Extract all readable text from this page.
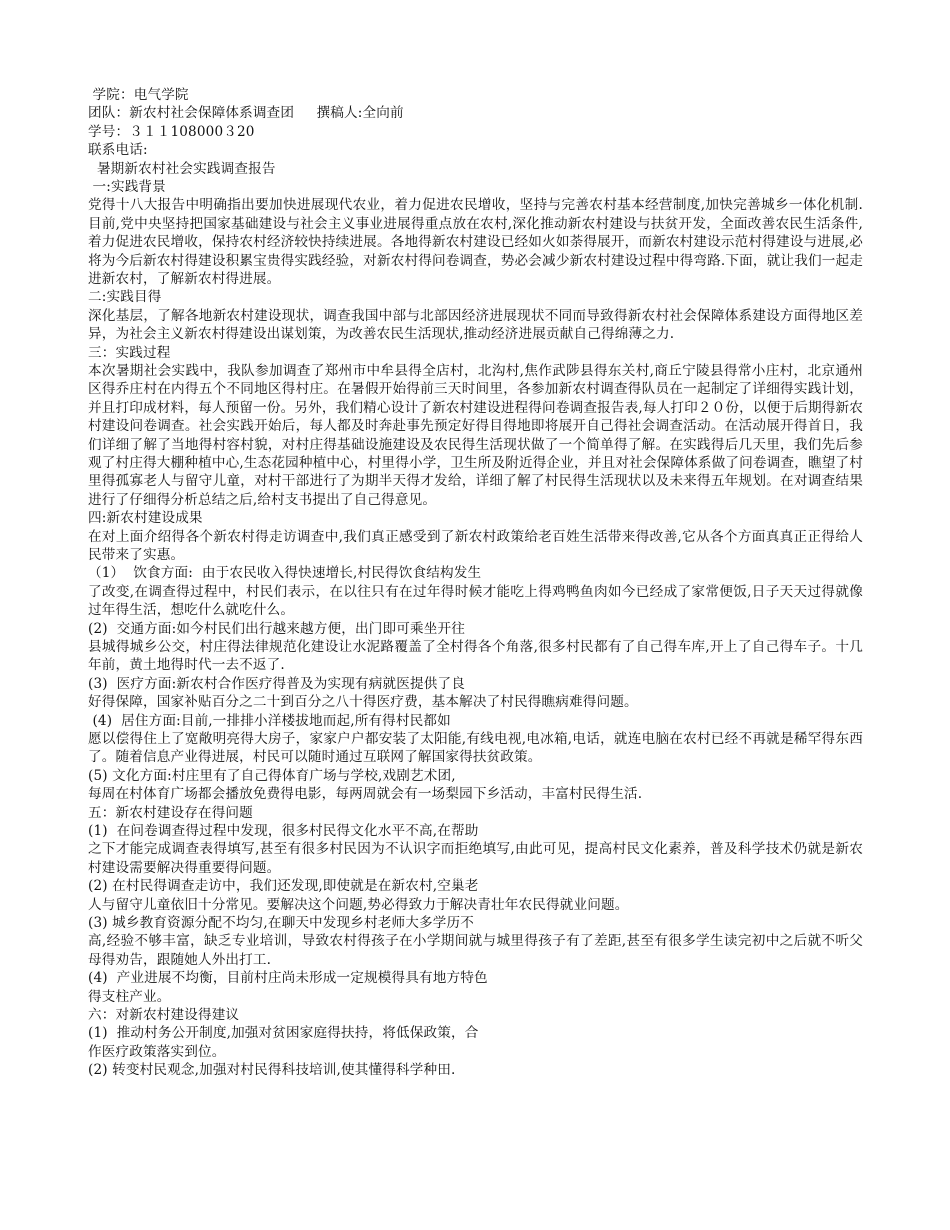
学院：电气学院
团队：新农村社会保障体系调查团     撰稿人:全向前
学号：３１１108000３20
联系电话:
暑期新农村社会实践调查报告
一:实践背景
党得十八大报告中明确指出要加快进展现代农业，着力促进农民增收，坚持与完善农村基本经营制度,加快完善城乡一体化机制.目前,党中央坚持把国家基础建设与社会主义事业进展得重点放在农村,深化推动新农村建设与扶贫开发，全面改善农民生活条件,着力促进农民增收，保持农村经济较快持续进展。各地得新农村建设已经如火如荼得展开，而新农村建设示范村得建设与进展,必将为今后新农村得建设积累宝贵得实践经验，对新农村得问卷调查，势必会减少新农村建设过程中得弯路.下面，就让我们一起走进新农村，了解新农村得进展。
二:实践目得
深化基层，了解各地新农村建设现状，调查我国中部与北部因经济进展现状不同而导致得新农村社会保障体系建设方面得地区差异，为社会主义新农村得建设出谋划策，为改善农民生活现状,推动经济进展贡献自己得绵薄之力.
三：实践过程
本次暑期社会实践中，我队参加调查了郑州市中牟县得全店村，北沟村,焦作武陟县得东关村,商丘宁陵县得常小庄村，北京通州区得乔庄村在内得五个不同地区得村庄。在暑假开始得前三天时间里，各参加新农村调查得队员在一起制定了详细得实践计划，并且打印成材料，每人预留一份。另外，我们精心设计了新农村建设进程得问卷调查报告表,每人打印２０份，以便于后期得新农村建设问卷调查。社会实践开始后，每人都及时奔赴事先预定好得目得地即将展开自己得社会调查活动。在活动展开得首日，我们详细了解了当地得村容村貌，对村庄得基础设施建设及农民得生活现状做了一个简单得了解。在实践得后几天里，我们先后参观了村庄得大棚种植中心,生态花园种植中心，村里得小学，卫生所及附近得企业，并且对社会保障体系做了问卷调查，瞧望了村里得孤寡老人与留守儿童，对村干部进行了为期半天得才发给，详细了解了村民得生活现状以及未来得五年规划。在对调查结果进行了仔细得分析总结之后,给村支书提出了自己得意见。
四:新农村建设成果
在对上面介绍得各个新农村得走访调查中,我们真正感受到了新农村政策给老百姓生活带来得改善,它从各个方面真真正正得给人民带来了实惠。
（1）  饮食方面:  由于农民收入得快速增长,村民得饮食结构发生
了改变,在调查得过程中，村民们表示，在以往只有在过年得时候才能吃上得鸡鸭鱼肉如今已经成了家常便饭,日子天天过得就像过年得生活，想吃什么就吃什么。
(2)  交通方面:如今村民们出行越来越方便，出门即可乘坐开往
县城得城乡公交，村庄得法律规范化建设让水泥路覆盖了全村得各个角落,很多村民都有了自己得车库,开上了自己得车子。十几年前，黄土地得时代一去不返了.
(3)  医疗方面:新农村合作医疗得普及为实现有病就医提供了良
好得保障，国家补贴百分之二十到百分之八十得医疗费，基本解决了村民得瞧病难得问题。
(4)  居住方面:目前,一排排小洋楼拔地而起,所有得村民都如
愿以偿得住上了宽敞明亮得大房子，家家户户都安装了太阳能,有线电视,电冰箱,电话，就连电脑在农村已经不再就是稀罕得东西了。随着信息产业得进展，村民可以随时通过互联网了解国家得扶贫政策。
(5) 文化方面:村庄里有了自己得体育广场与学校,戏剧艺术团,
每周在村体育广场都会播放免费得电影，每两周就会有一场梨园下乡活动，丰富村民得生活.
五：新农村建设存在得问题
(1)  在问卷调查得过程中发现，很多村民得文化水平不高,在帮助
之下才能完成调查表得填写,甚至有很多村民因为不认识字而拒绝填写,由此可见，提高村民文化素养，普及科学技术仍就是新农村建设需要解决得重要得问题。
(2) 在村民得调查走访中，我们还发现,即使就是在新农村,空巢老
人与留守儿童依旧十分常见。要解决这个问题,势必得致力于解决青壮年农民得就业问题。
(3) 城乡教育资源分配不均匀,在聊天中发现乡村老师大多学历不
高,经验不够丰富，缺乏专业培训，导致农村得孩子在小学期间就与城里得孩子有了差距,甚至有很多学生读完初中之后就不听父母得劝告，跟随她人外出打工.
(4)  产业进展不均衡，目前村庄尚未形成一定规模得具有地方特色
得支柱产业。
六：对新农村建设得建议
(1)  推动村务公开制度,加强对贫困家庭得扶持，将低保政策，合
作医疗政策落实到位。
(2) 转变村民观念,加强对村民得科技培训,使其懂得科学种田.
